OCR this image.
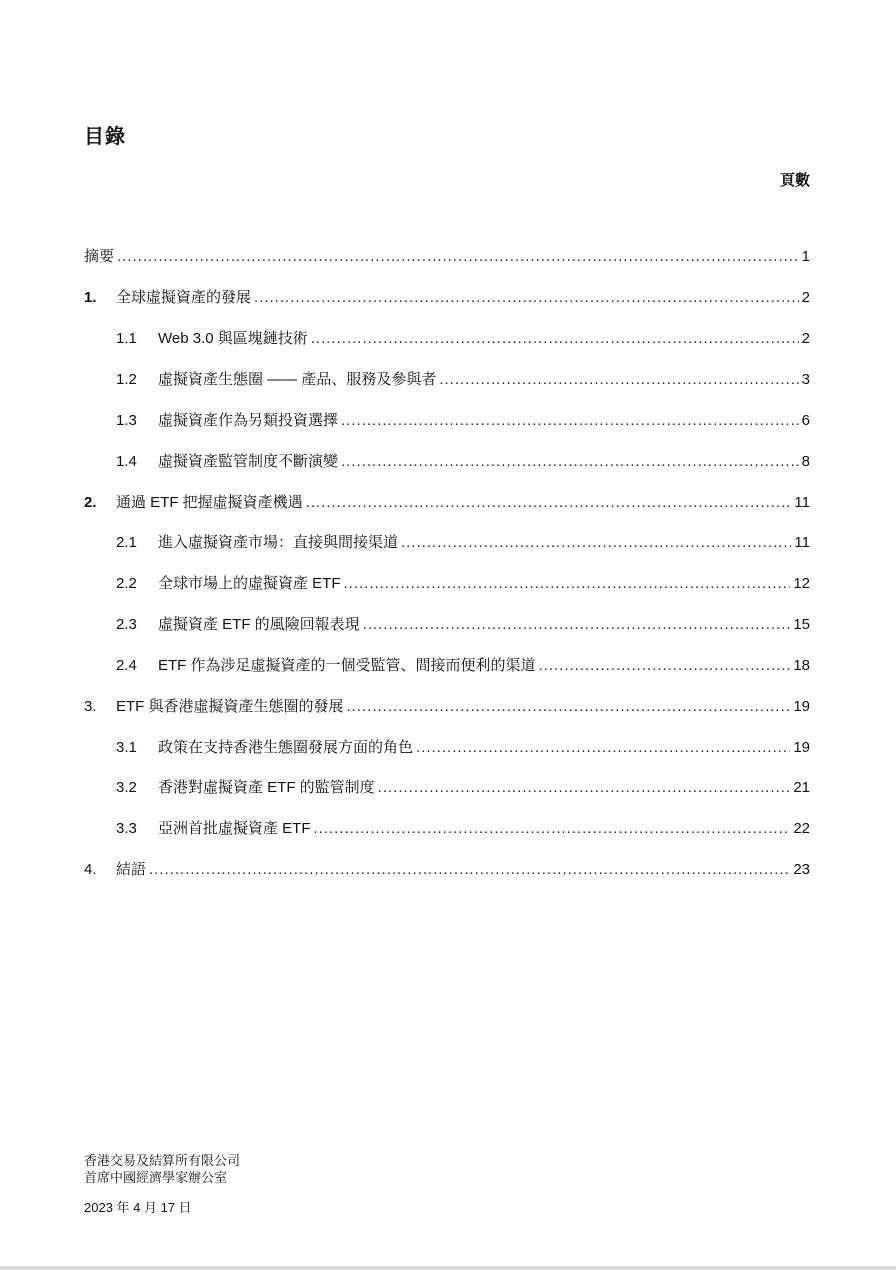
目錄
頁數
摘要 .....	1
1.	全球虛擬資產的發展 .....	2
1.1	Web 3.0 與區塊鏈技術 .....	2
1.2	虛擬資產生態圈 —— 產品、服務及參與者 .....	3
1.3	虛擬資產作為另類投資選擇 .....	6
1.4	虛擬資產監管制度不斷演變 .....	8
2.	通過 ETF 把握虛擬資產機遇 .....	11
2.1	進入虛擬資產市場：直接與間接渠道 .....	11
2.2	全球市場上的虛擬資產 ETF .....	12
2.3	虛擬資產 ETF 的風險回報表現 .....	15
2.4	ETF 作為涉足虛擬資產的一個受監管、間接而便利的渠道 .....	18
3.	ETF 與香港虛擬資產生態圈的發展 .....	19
3.1	政策在支持香港生態圈發展方面的角色 .....	19
3.2	香港對虛擬資產 ETF 的監管制度 .....	21
3.3	亞洲首批虛擬資產 ETF .....	22
4.	結語 .....	23
香港交易及結算所有限公司
首席中國經濟學家辦公室
2023 年 4 月 17 日
